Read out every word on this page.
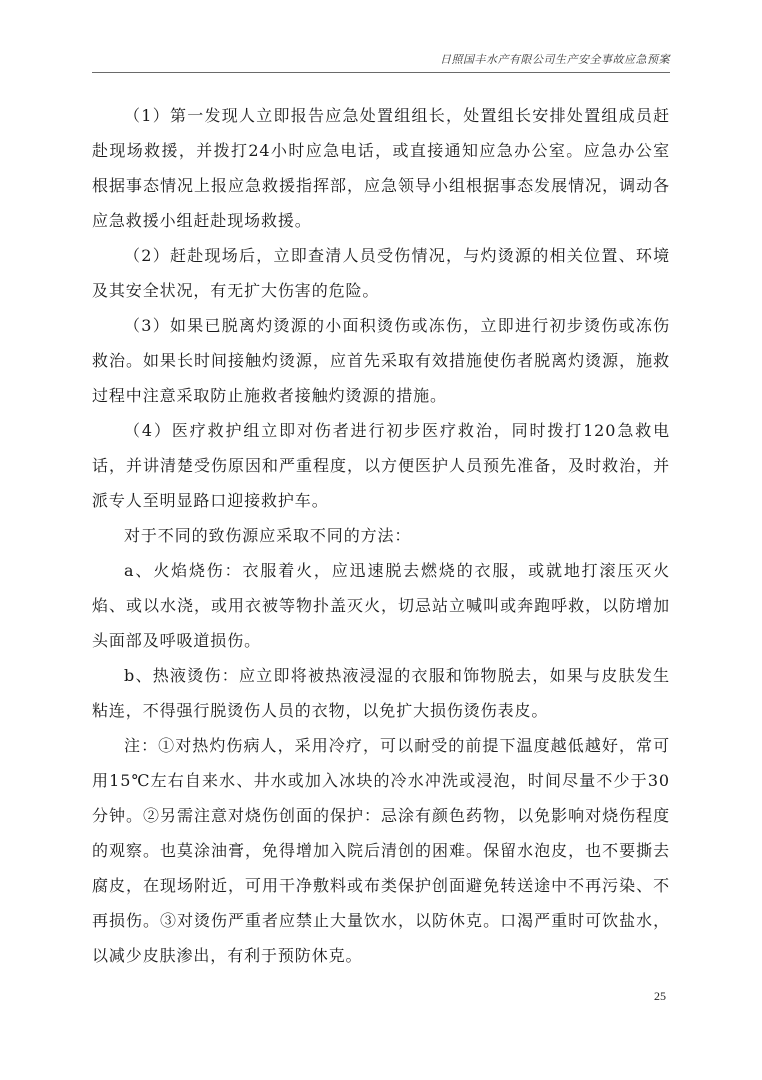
日照国丰水产有限公司生产安全事故应急预案

（1）第一发现人立即报告应急处置组组长，处置组长安排处置组成员赶赴现场救援，并拨打24小时应急电话，或直接通知应急办公室。应急办公室根据事态情况上报应急救援指挥部，应急领导小组根据事态发展情况，调动各应急救援小组赶赴现场救援。

（2）赶赴现场后，立即查清人员受伤情况，与灼烫源的相关位置、环境及其安全状况，有无扩大伤害的危险。

（3）如果已脱离灼烫源的小面积烫伤或冻伤，立即进行初步烫伤或冻伤救治。如果长时间接触灼烫源，应首先采取有效措施使伤者脱离灼烫源，施救过程中注意采取防止施救者接触灼烫源的措施。

（4）医疗救护组立即对伤者进行初步医疗救治，同时拨打120急救电话，并讲清楚受伤原因和严重程度，以方便医护人员预先准备，及时救治，并派专人至明显路口迎接救护车。

对于不同的致伤源应采取不同的方法：

a、火焰烧伤：衣服着火，应迅速脱去燃烧的衣服，或就地打滚压灭火焰、或以水浇，或用衣被等物扑盖灭火，切忌站立喊叫或奔跑呼救，以防增加头面部及呼吸道损伤。

b、热液烫伤：应立即将被热液浸湿的衣服和饰物脱去，如果与皮肤发生粘连，不得强行脱烫伤人员的衣物，以免扩大损伤烫伤表皮。

注：①对热灼伤病人，采用冷疗，可以耐受的前提下温度越低越好，常可用15℃左右自来水、井水或加入冰块的冷水冲洗或浸泡，时间尽量不少于30分钟。②另需注意对烧伤创面的保护：忌涂有颜色药物，以免影响对烧伤程度的观察。也莫涂油膏，免得增加入院后清创的困难。保留水泡皮，也不要撕去腐皮，在现场附近，可用干净敷料或布类保护创面避免转送途中不再污染、不再损伤。③对烫伤严重者应禁止大量饮水，以防休克。口渴严重时可饮盐水，以减少皮肤渗出，有利于预防休克。

25
